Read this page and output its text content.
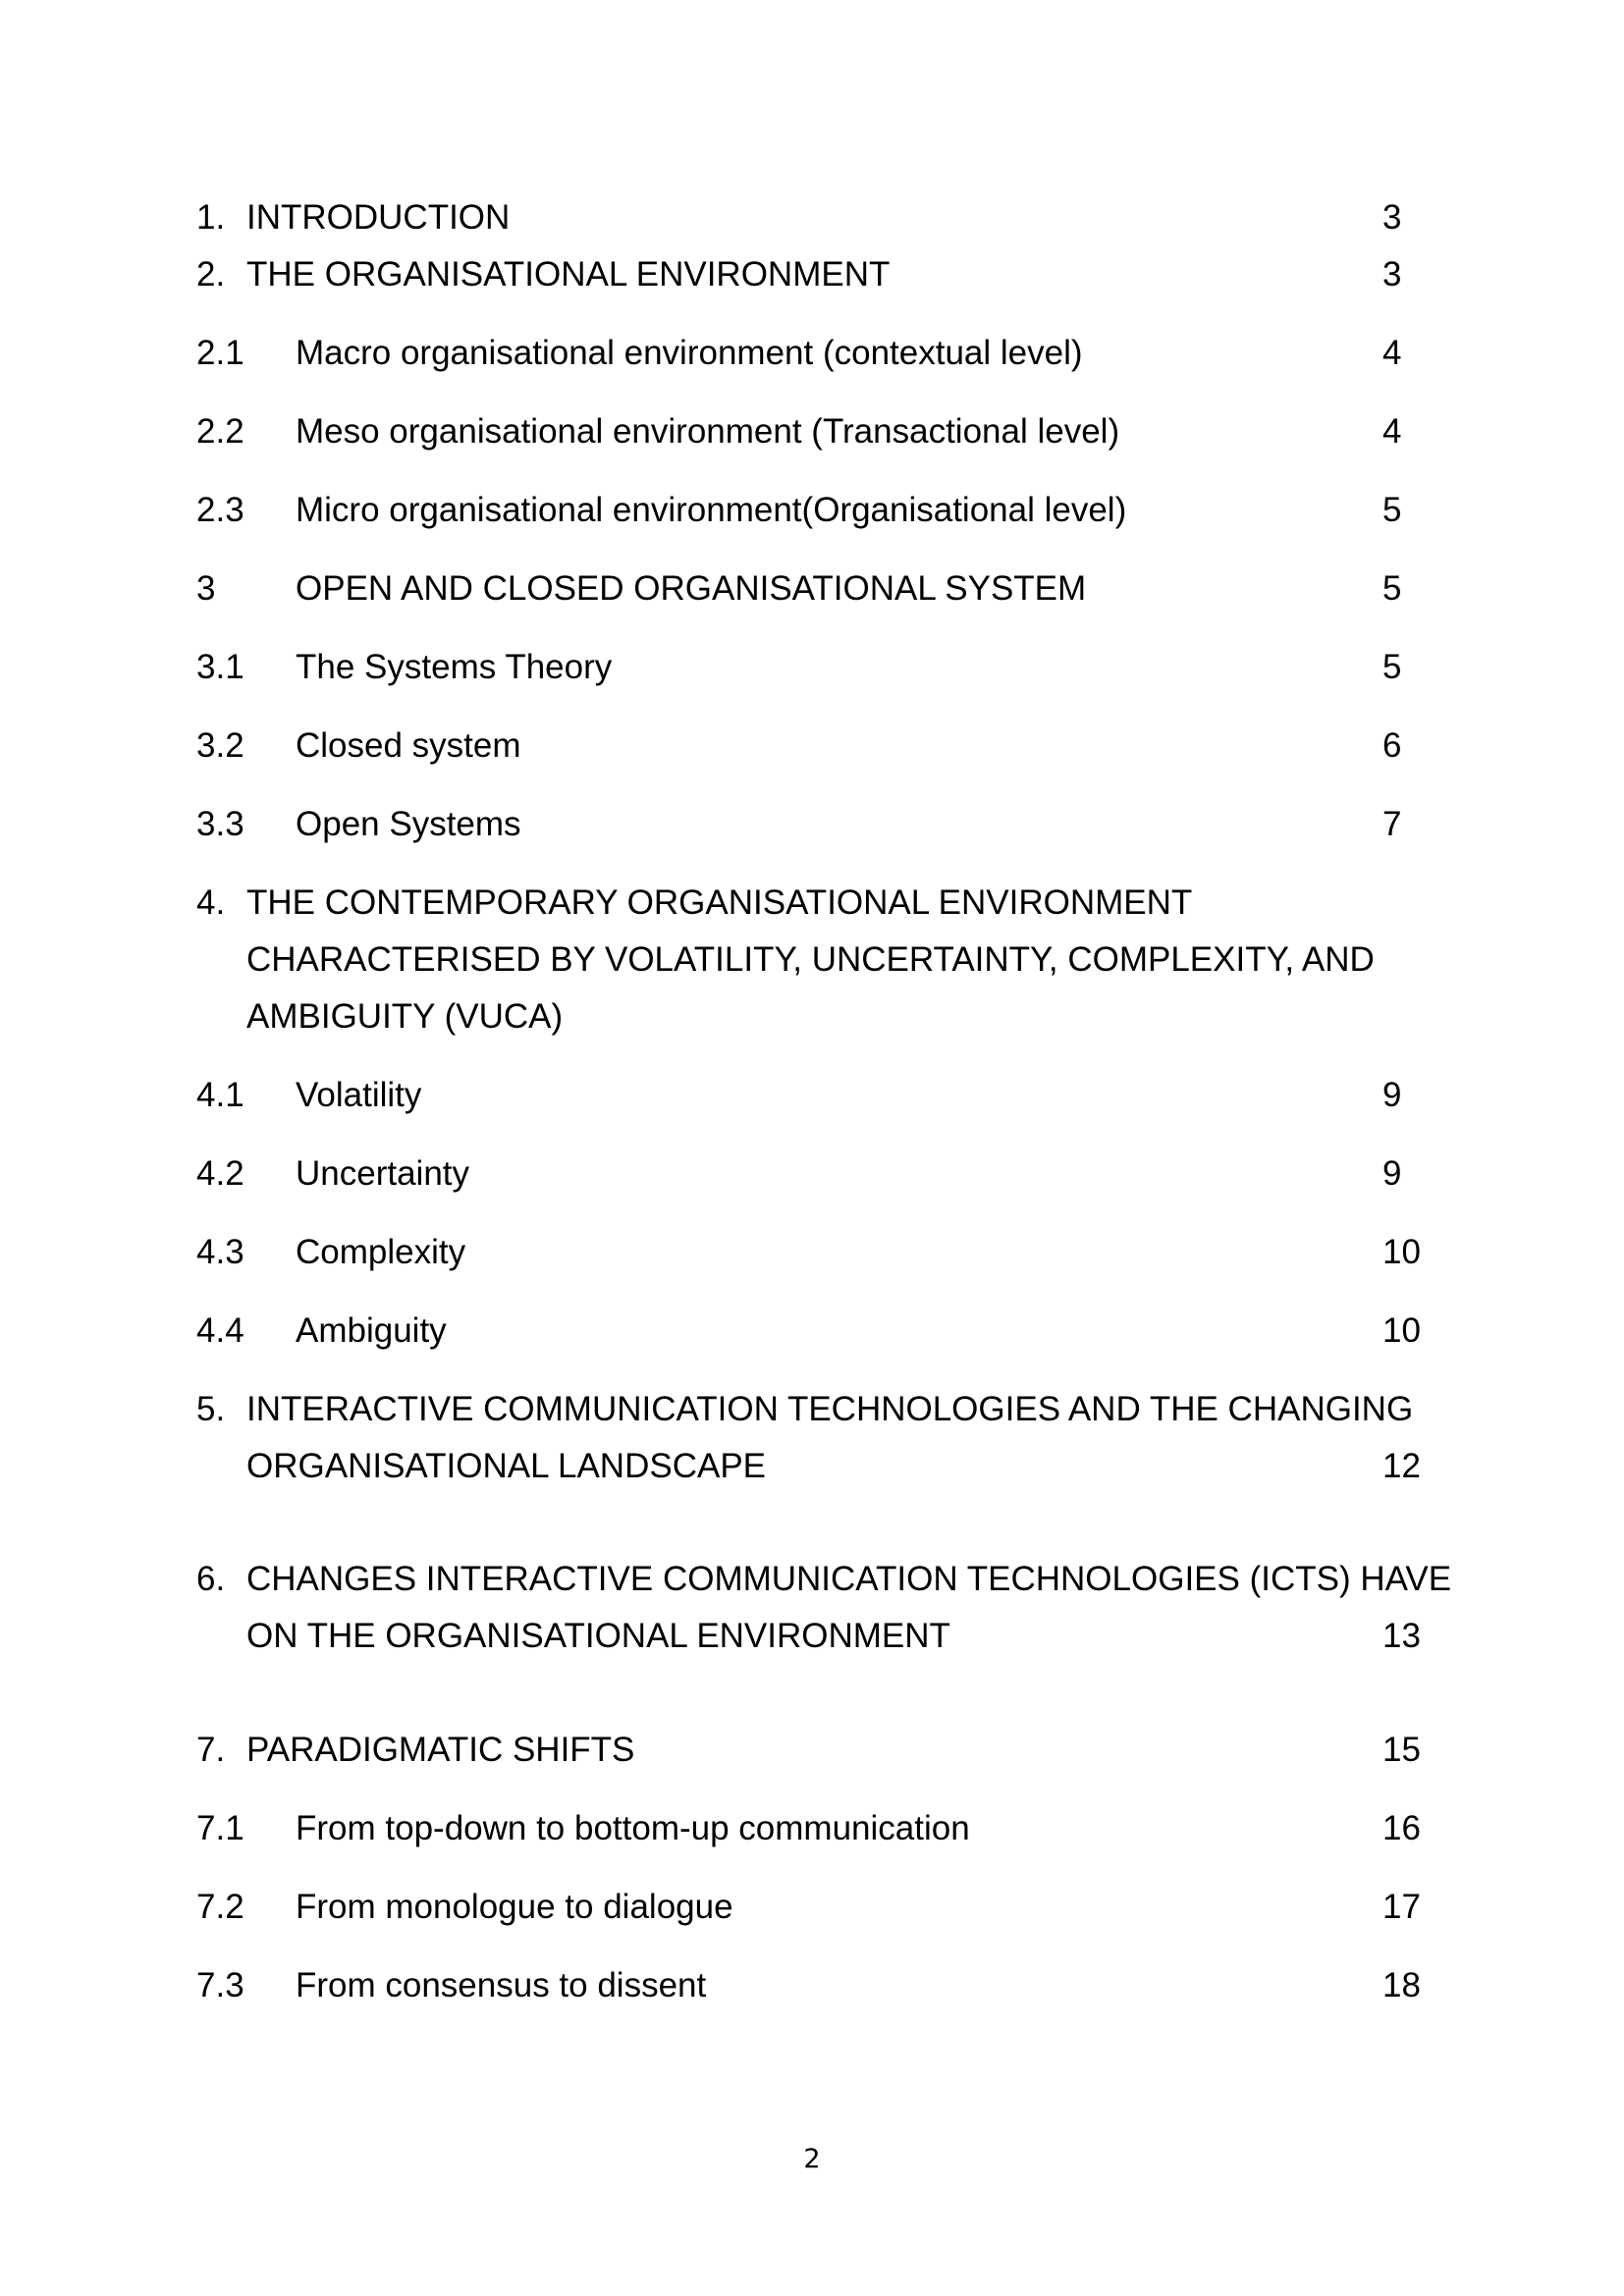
1. INTRODUCTION	3
2. THE ORGANISATIONAL ENVIRONMENT	3
2.1 Macro organisational environment (contextual level)	4
2.2 Meso organisational environment (Transactional level)	4
2.3 Micro organisational environment(Organisational level)	5
3 OPEN AND CLOSED ORGANISATIONAL SYSTEM	5
3.1 The Systems Theory	5
3.2 Closed system	6
3.3 Open Systems	7
4. THE CONTEMPORARY ORGANISATIONAL ENVIRONMENT
CHARACTERISED BY VOLATILITY, UNCERTAINTY, COMPLEXITY, AND
AMBIGUITY (VUCA)
4.1 Volatility	9
4.2 Uncertainty	9
4.3 Complexity	10
4.4 Ambiguity	10
5. INTERACTIVE COMMUNICATION TECHNOLOGIES AND THE CHANGING
ORGANISATIONAL LANDSCAPE	12
6. CHANGES INTERACTIVE COMMUNICATION TECHNOLOGIES (ICTS) HAVE
ON THE ORGANISATIONAL ENVIRONMENT	13
7. PARADIGMATIC SHIFTS	15
7.1 From top-down to bottom-up communication	16
7.2 From monologue to dialogue	17
7.3 From consensus to dissent	18
2
